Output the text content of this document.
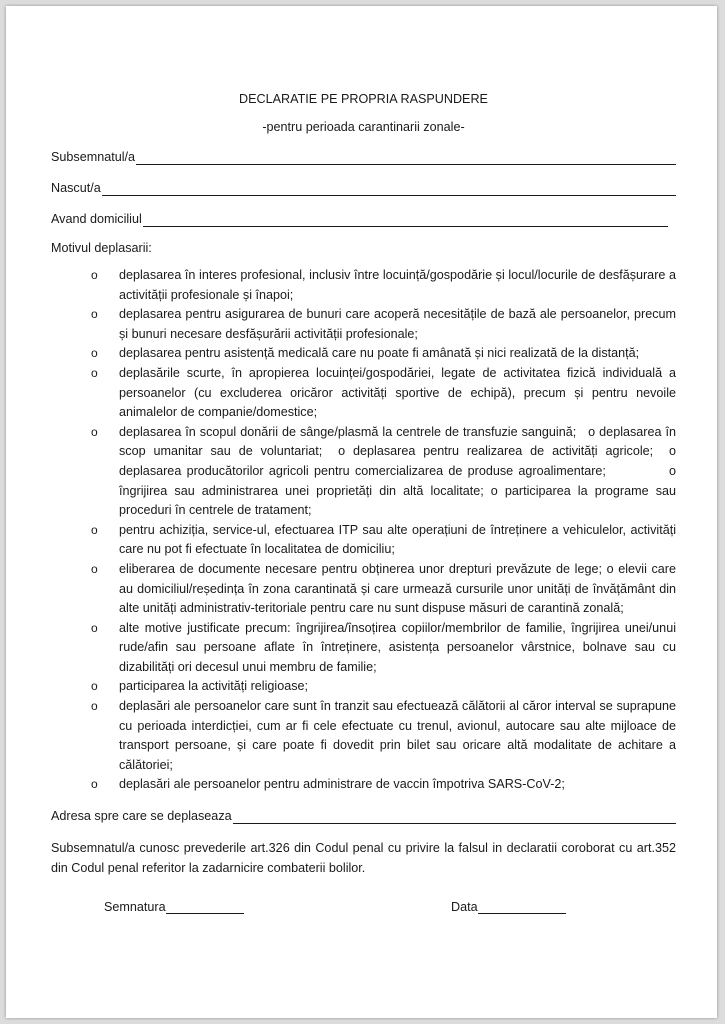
DECLARATIE PE PROPRIA RASPUNDERE

-pentru perioada carantinarii zonale-

Subsemnatul/a
Nascut/a
Avand domiciliul
Motivul deplasarii:
o deplasarea în interes profesional, inclusiv între locuință/gospodărie și locul/locurile de desfășurare a activității profesionale și înapoi;
o deplasarea pentru asigurarea de bunuri care acoperă necesitățile de bază ale persoanelor, precum și bunuri necesare desfășurării activității profesionale;
o deplasarea pentru asistență medicală care nu poate fi amânată și nici realizată de la distanță;
o deplasările scurte, în apropierea locuinței/gospodăriei, legate de activitatea fizică individuală a persoanelor (cu excluderea oricăror activități sportive de echipă), precum și pentru nevoile animalelor de companie/domestice;
o deplasarea în scopul donării de sânge/plasmă la centrele de transfuzie sanguină;   o deplasarea în scop umanitar sau de voluntariat;  o deplasarea pentru realizarea de activități agricole;  o deplasarea producătorilor agricoli pentru comercializarea de produse agroalimentare;            o îngrijirea sau administrarea unei proprietăți din altă localitate; o participarea la programe sau proceduri în centrele de tratament;
o pentru achiziția, service-ul, efectuarea ITP sau alte operațiuni de întreținere a vehiculelor, activități care nu pot fi efectuate în localitatea de domiciliu;
o eliberarea de documente necesare pentru obținerea unor drepturi prevăzute de lege; o elevii care au domiciliul/reședința în zona carantinată și care urmează cursurile unor unități de învățământ din alte unități administrativ-teritoriale pentru care nu sunt dispuse măsuri de carantină zonală;
o alte motive justificate precum: îngrijirea/însoțirea copiilor/membrilor de familie, îngrijirea unei/unui rude/afin sau persoane aflate în întreținere, asistența persoanelor vârstnice, bolnave sau cu dizabilități ori decesul unui membru de familie;
o participarea la activități religioase;
o deplasări ale persoanelor care sunt în tranzit sau efectuează călătorii al căror interval se suprapune cu perioada interdicției, cum ar fi cele efectuate cu trenul, avionul, autocare sau alte mijloace de transport persoane, și care poate fi dovedit prin bilet sau oricare altă modalitate de achitare a călătoriei;
o deplasări ale persoanelor pentru administrare de vaccin împotriva SARS-CoV-2;
Adresa spre care se deplaseaza
Subsemnatul/a cunosc prevederile art.326 din Codul penal cu privire la falsul in declaratii coroborat cu art.352 din Codul penal referitor la zadarnicire combaterii bolilor.
Semnatura	Data
